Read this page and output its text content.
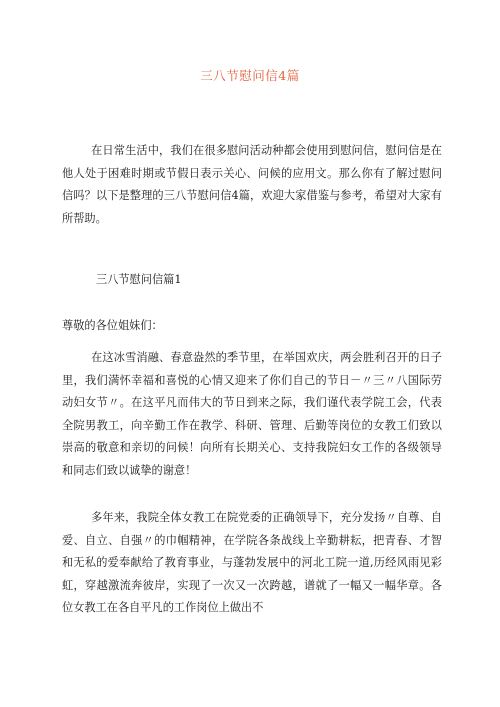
三八节慰问信4篇

在日常生活中，我们在很多慰问活动种都会使用到慰问信，慰问信是在他人处于困难时期或节假日表示关心、问候的应用文。那么你有了解过慰问信吗？以下是整理的三八节慰问信4篇，欢迎大家借鉴与参考，希望对大家有所帮助。

三八节慰问信篇1

尊敬的各位姐妹们：

在这冰雪消融、春意盎然的季节里，在举国欢庆，两会胜利召开的日子里，我们满怀幸福和喜悦的心情又迎来了你们自己的节日－〃三〃八国际劳动妇女节〃。在这平凡而伟大的节日到来之际，我们谨代表学院工会，代表全院男教工，向辛勤工作在教学、科研、管理、后勤等岗位的女教工们致以崇高的敬意和亲切的问候！向所有长期关心、支持我院妇女工作的各级领导和同志们致以诚挚的谢意！

多年来，我院全体女教工在院党委的正确领导下，充分发扬〃自尊、自爱、自立、自强〃的巾帼精神，在学院各条战线上辛勤耕耘，把青春、才智和无私的爱奉献给了教育事业，与蓬勃发展中的河北工院一道,历经风雨见彩虹，穿越激流奔彼岸，实现了一次又一次跨越，谱就了一幅又一幅华章。各位女教工在各自平凡的工作岗位上做出不
